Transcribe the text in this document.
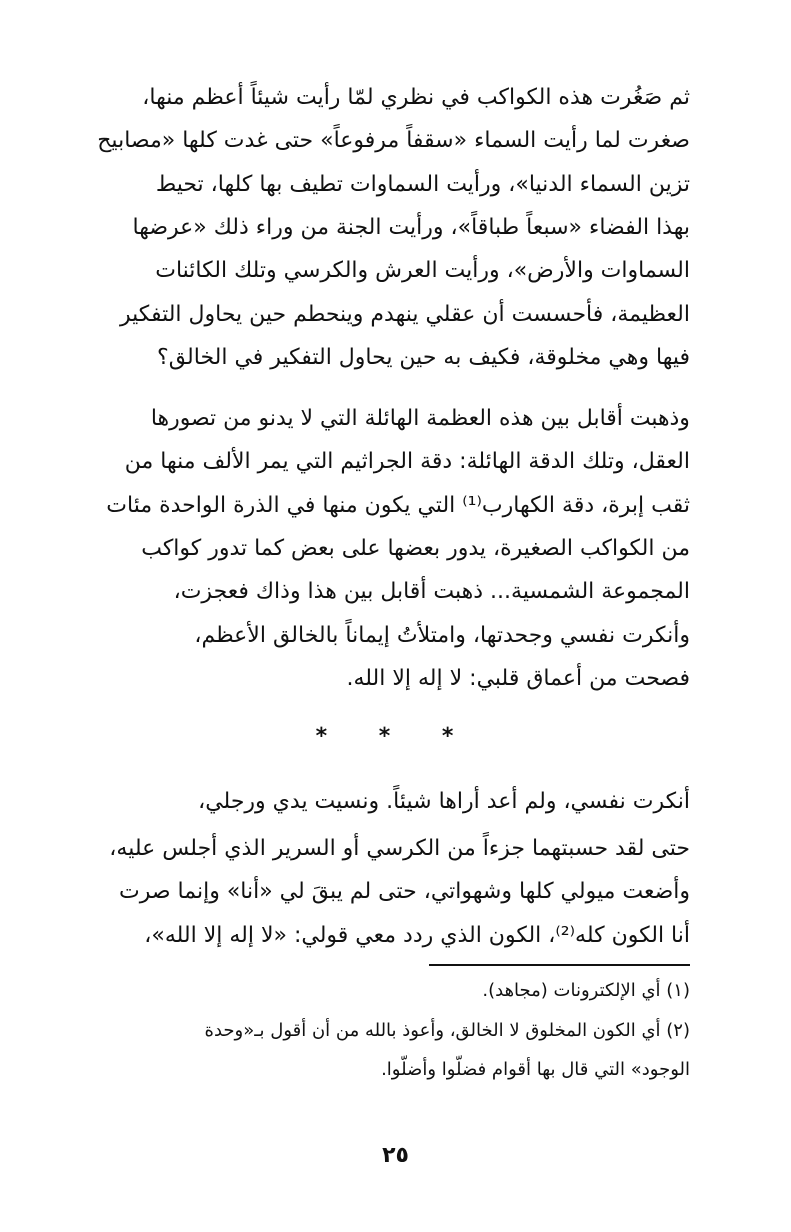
ثم صَغُرت هذه الكواكب في نظري لمّا رأيت شيئاً أعظم منها،
صغرت لما رأيت السماء «سقفاً مرفوعاً» حتى غدت كلها «مصابيح
تزين السماء الدنيا»، ورأيت السماوات تطيف بها كلها، تحيط
بهذا الفضاء «سبعاً طباقاً»، ورأيت الجنة من وراء ذلك «عرضها
السماوات والأرض»، ورأيت العرش والكرسي وتلك الكائنات
العظيمة، فأحسست أن عقلي ينهدم وينحطم حين يحاول التفكير
فيها وهي مخلوقة، فكيف به حين يحاول التفكير في الخالق؟
وذهبت أقابل بين هذه العظمة الهائلة التي لا يدنو من تصورها
العقل، وتلك الدقة الهائلة: دقة الجراثيم التي يمر الألف منها من
ثقب إبرة، دقة الكهارب⁽¹⁾ التي يكون منها في الذرة الواحدة مئات
من الكواكب الصغيرة، يدور بعضها على بعض كما تدور كواكب
المجموعة الشمسية... ذهبت أقابل بين هذا وذاك فعجزت،
وأنكرت نفسي وجحدتها، وامتلأتُ إيماناً بالخالق الأعظم،
فصحت من أعماق قلبي: لا إله إلا الله.
* * *
أنكرت نفسي، ولم أعد أراها شيئاً. ونسيت يدي ورجلي،
حتى لقد حسبتهما جزءاً من الكرسي أو السرير الذي أجلس عليه،
وأضعت ميولي كلها وشهواتي، حتى لم يبقَ لي «أنا» وإنما صرت
أنا الكون كله⁽²⁾، الكون الذي ردد معي قولي: «لا إله إلا الله»،
(١) أي الإلكترونات (مجاهد).
(٢) أي الكون المخلوق لا الخالق، وأعوذ بالله من أن أقول بـ«وحدة
الوجود» التي قال بها أقوام فضلّوا وأضلّوا.
٢٥
